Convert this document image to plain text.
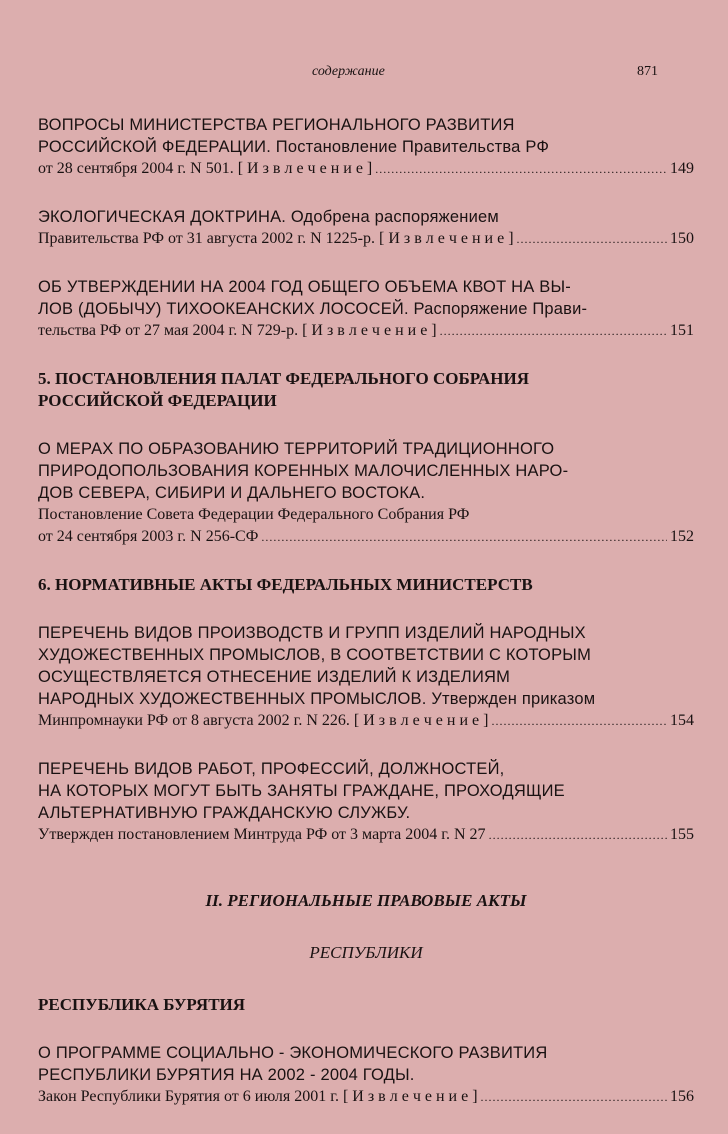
содержание	871
ВОПРОСЫ МИНИСТЕРСТВА РЕГИОНАЛЬНОГО РАЗВИТИЯ
РОССИЙСКОЙ ФЕДЕРАЦИИ. Постановление Правительства РФ
от 28 сентября 2004 г. N 501. [ И з в л е ч е н и е ] .....	149
ЭКОЛОГИЧЕСКАЯ ДОКТРИНА. Одобрена распоряжением
Правительства РФ от 31 августа 2002 г. N 1225-р. [ И з в л е ч е н и е ] .....	150
ОБ УТВЕРЖДЕНИИ НА 2004 ГОД ОБЩЕГО ОБЪЕМА КВОТ НА ВЫ-
ЛОВ (ДОБЫЧУ) ТИХООКЕАНСКИХ ЛОСОСЕЙ. Распоряжение Прави-
тельства РФ от 27 мая 2004 г. N 729-р. [ И з в л е ч е н и е ] .....	151
5. ПОСТАНОВЛЕНИЯ ПАЛАТ ФЕДЕРАЛЬНОГО СОБРАНИЯ
РОССИЙСКОЙ ФЕДЕРАЦИИ
О МЕРАХ ПО ОБРАЗОВАНИЮ ТЕРРИТОРИЙ ТРАДИЦИОННОГО
ПРИРОДОПОЛЬЗОВАНИЯ КОРЕННЫХ МАЛОЧИСЛЕННЫХ НАРО-
ДОВ СЕВЕРА, СИБИРИ И ДАЛЬНЕГО ВОСТОКА.
Постановление Совета Федерации Федерального Собрания РФ
от 24 сентября 2003 г. N 256-СФ .....	152
6. НОРМАТИВНЫЕ АКТЫ ФЕДЕРАЛЬНЫХ МИНИСТЕРСТВ
ПЕРЕЧЕНЬ ВИДОВ ПРОИЗВОДСТВ И ГРУПП ИЗДЕЛИЙ НАРОДНЫХ
ХУДОЖЕСТВЕННЫХ ПРОМЫСЛОВ, В СООТВЕТСТВИИ С КОТОРЫМ
ОСУЩЕСТВЛЯЕТСЯ ОТНЕСЕНИЕ ИЗДЕЛИЙ К ИЗДЕЛИЯМ
НАРОДНЫХ ХУДОЖЕСТВЕННЫХ ПРОМЫСЛОВ. Утвержден приказом
Минпромнауки РФ от 8 августа 2002 г. N 226. [ И з в л е ч е н и е ] .....	154
ПЕРЕЧЕНЬ ВИДОВ РАБОТ, ПРОФЕССИЙ, ДОЛЖНОСТЕЙ,
НА КОТОРЫХ МОГУТ БЫТЬ ЗАНЯТЫ ГРАЖДАНЕ, ПРОХОДЯЩИЕ
АЛЬТЕРНАТИВНУЮ ГРАЖДАНСКУЮ СЛУЖБУ.
Утвержден постановлением Минтруда РФ от 3 марта 2004 г. N 27 .....	155
II. РЕГИОНАЛЬНЫЕ ПРАВОВЫЕ АКТЫ
РЕСПУБЛИКИ
РЕСПУБЛИКА БУРЯТИЯ
О ПРОГРАММЕ СОЦИАЛЬНО - ЭКОНОМИЧЕСКОГО РАЗВИТИЯ
РЕСПУБЛИКИ БУРЯТИЯ НА 2002 - 2004 ГОДЫ.
Закон Республики Бурятия от 6 июля 2001 г. [ И з в л е ч е н и е ] .....	156
